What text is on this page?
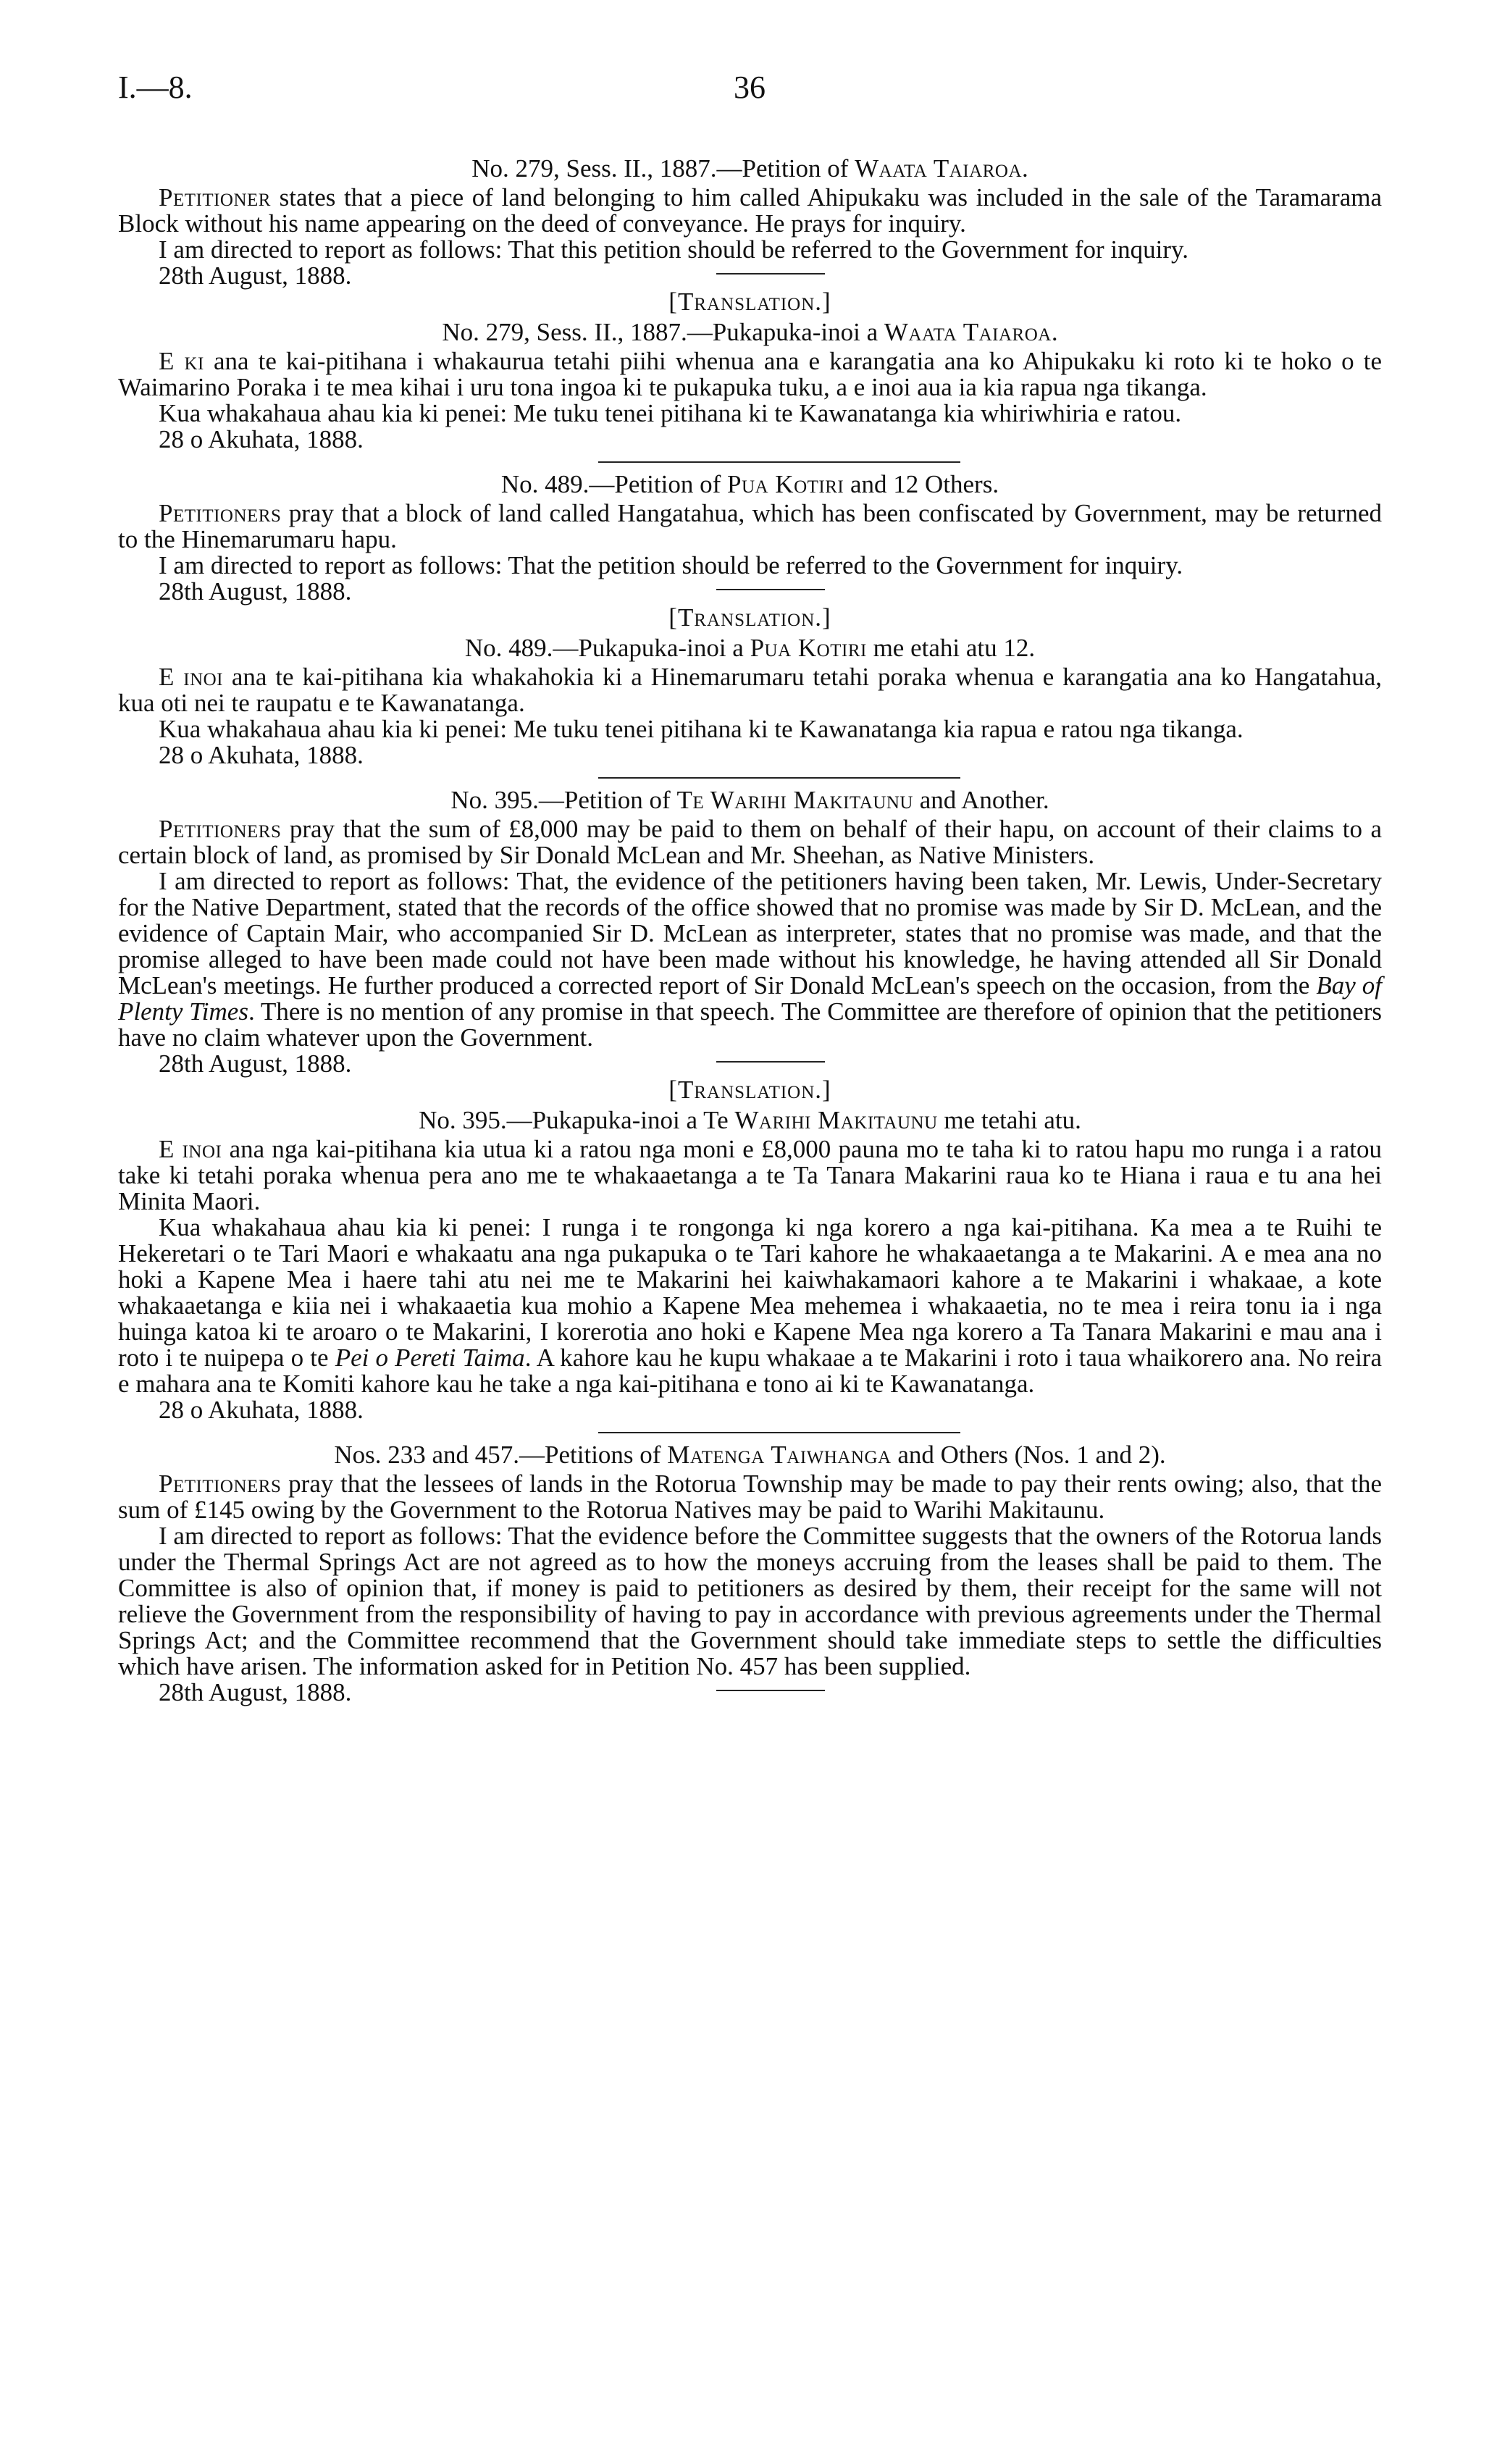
I.—8.	36
No. 279, Sess. II., 1887.—Petition of Waata Taiaroa.

Petitioner states that a piece of land belonging to him called Ahipukaku was included in the sale of the Taramarama Block without his name appearing on the deed of conveyance. He prays for inquiry.

I am directed to report as follows: That this petition should be referred to the Government for inquiry.

28th August, 1888.
[Translation.]
No. 279, Sess. II., 1887.—Pukapuka-inoi a Waata Taiaroa.

E ki ana te kai-pitihana i whakaurua tetahi piihi whenua ana e karangatia ana ko Ahipukaku ki roto ki te hoko o te Waimarino Poraka i te mea kihai i uru tona ingoa ki te pukapuka tuku, a e inoi aua ia kia rapua nga tikanga.

Kua whakahaua ahau kia ki penei: Me tuku tenei pitihana ki te Kawanatanga kia whiriwhiria e ratou.

28 o Akuhata, 1888.
No. 489.—Petition of Pua Kotiri and 12 Others.

Petitioners pray that a block of land called Hangatahua, which has been confiscated by Government, may be returned to the Hinemarumaru hapu.

I am directed to report as follows: That the petition should be referred to the Government for inquiry.

28th August, 1888.
[Translation.]
No. 489.—Pukapuka-inoi a Pua Kotiri me etahi atu 12.

E inoi ana te kai-pitihana kia whakahokia ki a Hinemarumaru tetahi poraka whenua e karangatia ana ko Hangatahua, kua oti nei te raupatu e te Kawanatanga.

Kua whakahaua ahau kia ki penei: Me tuku tenei pitihana ki te Kawanatanga kia rapua e ratou nga tikanga.

28 o Akuhata, 1888.
No. 395.—Petition of Te Warihi Makitaunu and Another.

Petitioners pray that the sum of £8,000 may be paid to them on behalf of their hapu, on account of their claims to a certain block of land, as promised by Sir Donald McLean and Mr. Sheehan, as Native Ministers.

I am directed to report as follows: That, the evidence of the petitioners having been taken, Mr. Lewis, Under-Secretary for the Native Department, stated that the records of the office showed that no promise was made by Sir D. McLean, and the evidence of Captain Mair, who accompanied Sir D. McLean as interpreter, states that no promise was made, and that the promise alleged to have been made could not have been made without his knowledge, he having attended all Sir Donald McLean's meetings. He further produced a corrected report of Sir Donald McLean's speech on the occasion, from the Bay of Plenty Times. There is no mention of any promise in that speech. The Committee are therefore of opinion that the petitioners have no claim whatever upon the Government.

28th August, 1888.
[Translation.]
No. 395.—Pukapuka-inoi a Te Warihi Makitaunu me tetahi atu.

E inoi ana nga kai-pitihana kia utua ki a ratou nga moni e £8,000 pauna mo te taha ki to ratou hapu mo runga i a ratou take ki tetahi poraka whenua pera ano me te whakaaetanga a te Ta Tanara Makarini raua ko te Hiana i raua e tu ana hei Minita Maori.

Kua whakahaua ahau kia ki penei: I runga i te rongonga ki nga korero a nga kai-pitihana. Ka mea a te Ruihi te Hekeretari o te Tari Maori e whakaatu ana nga pukapuka o te Tari kahore he whakaaetanga a te Makarini. A e mea ana no hoki a Kapene Mea i haere tahi atu nei me te Makarini hei kaiwhakamaori kahore a te Makarini i whakaae, a kote whakaaetanga e kiia nei i whakaaetia kua mohio a Kapene Mea mehemea i whakaaetia, no te mea i reira tonu ia i nga huinga katoa ki te aroaro o te Makarini, I korerotia ano hoki e Kapene Mea nga korero a Ta Tanara Makarini e mau ana i roto i te nuipepa o te Pei o Pereti Taima. A kahore kau he kupu whakaae a te Makarini i roto i taua whaikorero ana. No reira e mahara ana te Komiti kahore kau he take a nga kai-pitihana e tono ai ki te Kawanatanga.

28 o Akuhata, 1888.
Nos. 233 and 457.—Petitions of Matenga Taiwhanga and Others (Nos. 1 and 2).

Petitioners pray that the lessees of lands in the Rotorua Township may be made to pay their rents owing; also, that the sum of £145 owing by the Government to the Rotorua Natives may be paid to Warihi Makitaunu.

I am directed to report as follows: That the evidence before the Committee suggests that the owners of the Rotorua lands under the Thermal Springs Act are not agreed as to how the moneys accruing from the leases shall be paid to them. The Committee is also of opinion that, if money is paid to petitioners as desired by them, their receipt for the same will not relieve the Government from the responsibility of having to pay in accordance with previous agreements under the Thermal Springs Act; and the Committee recommend that the Government should take immediate steps to settle the difficulties which have arisen. The information asked for in Petition No. 457 has been supplied.

28th August, 1888.
